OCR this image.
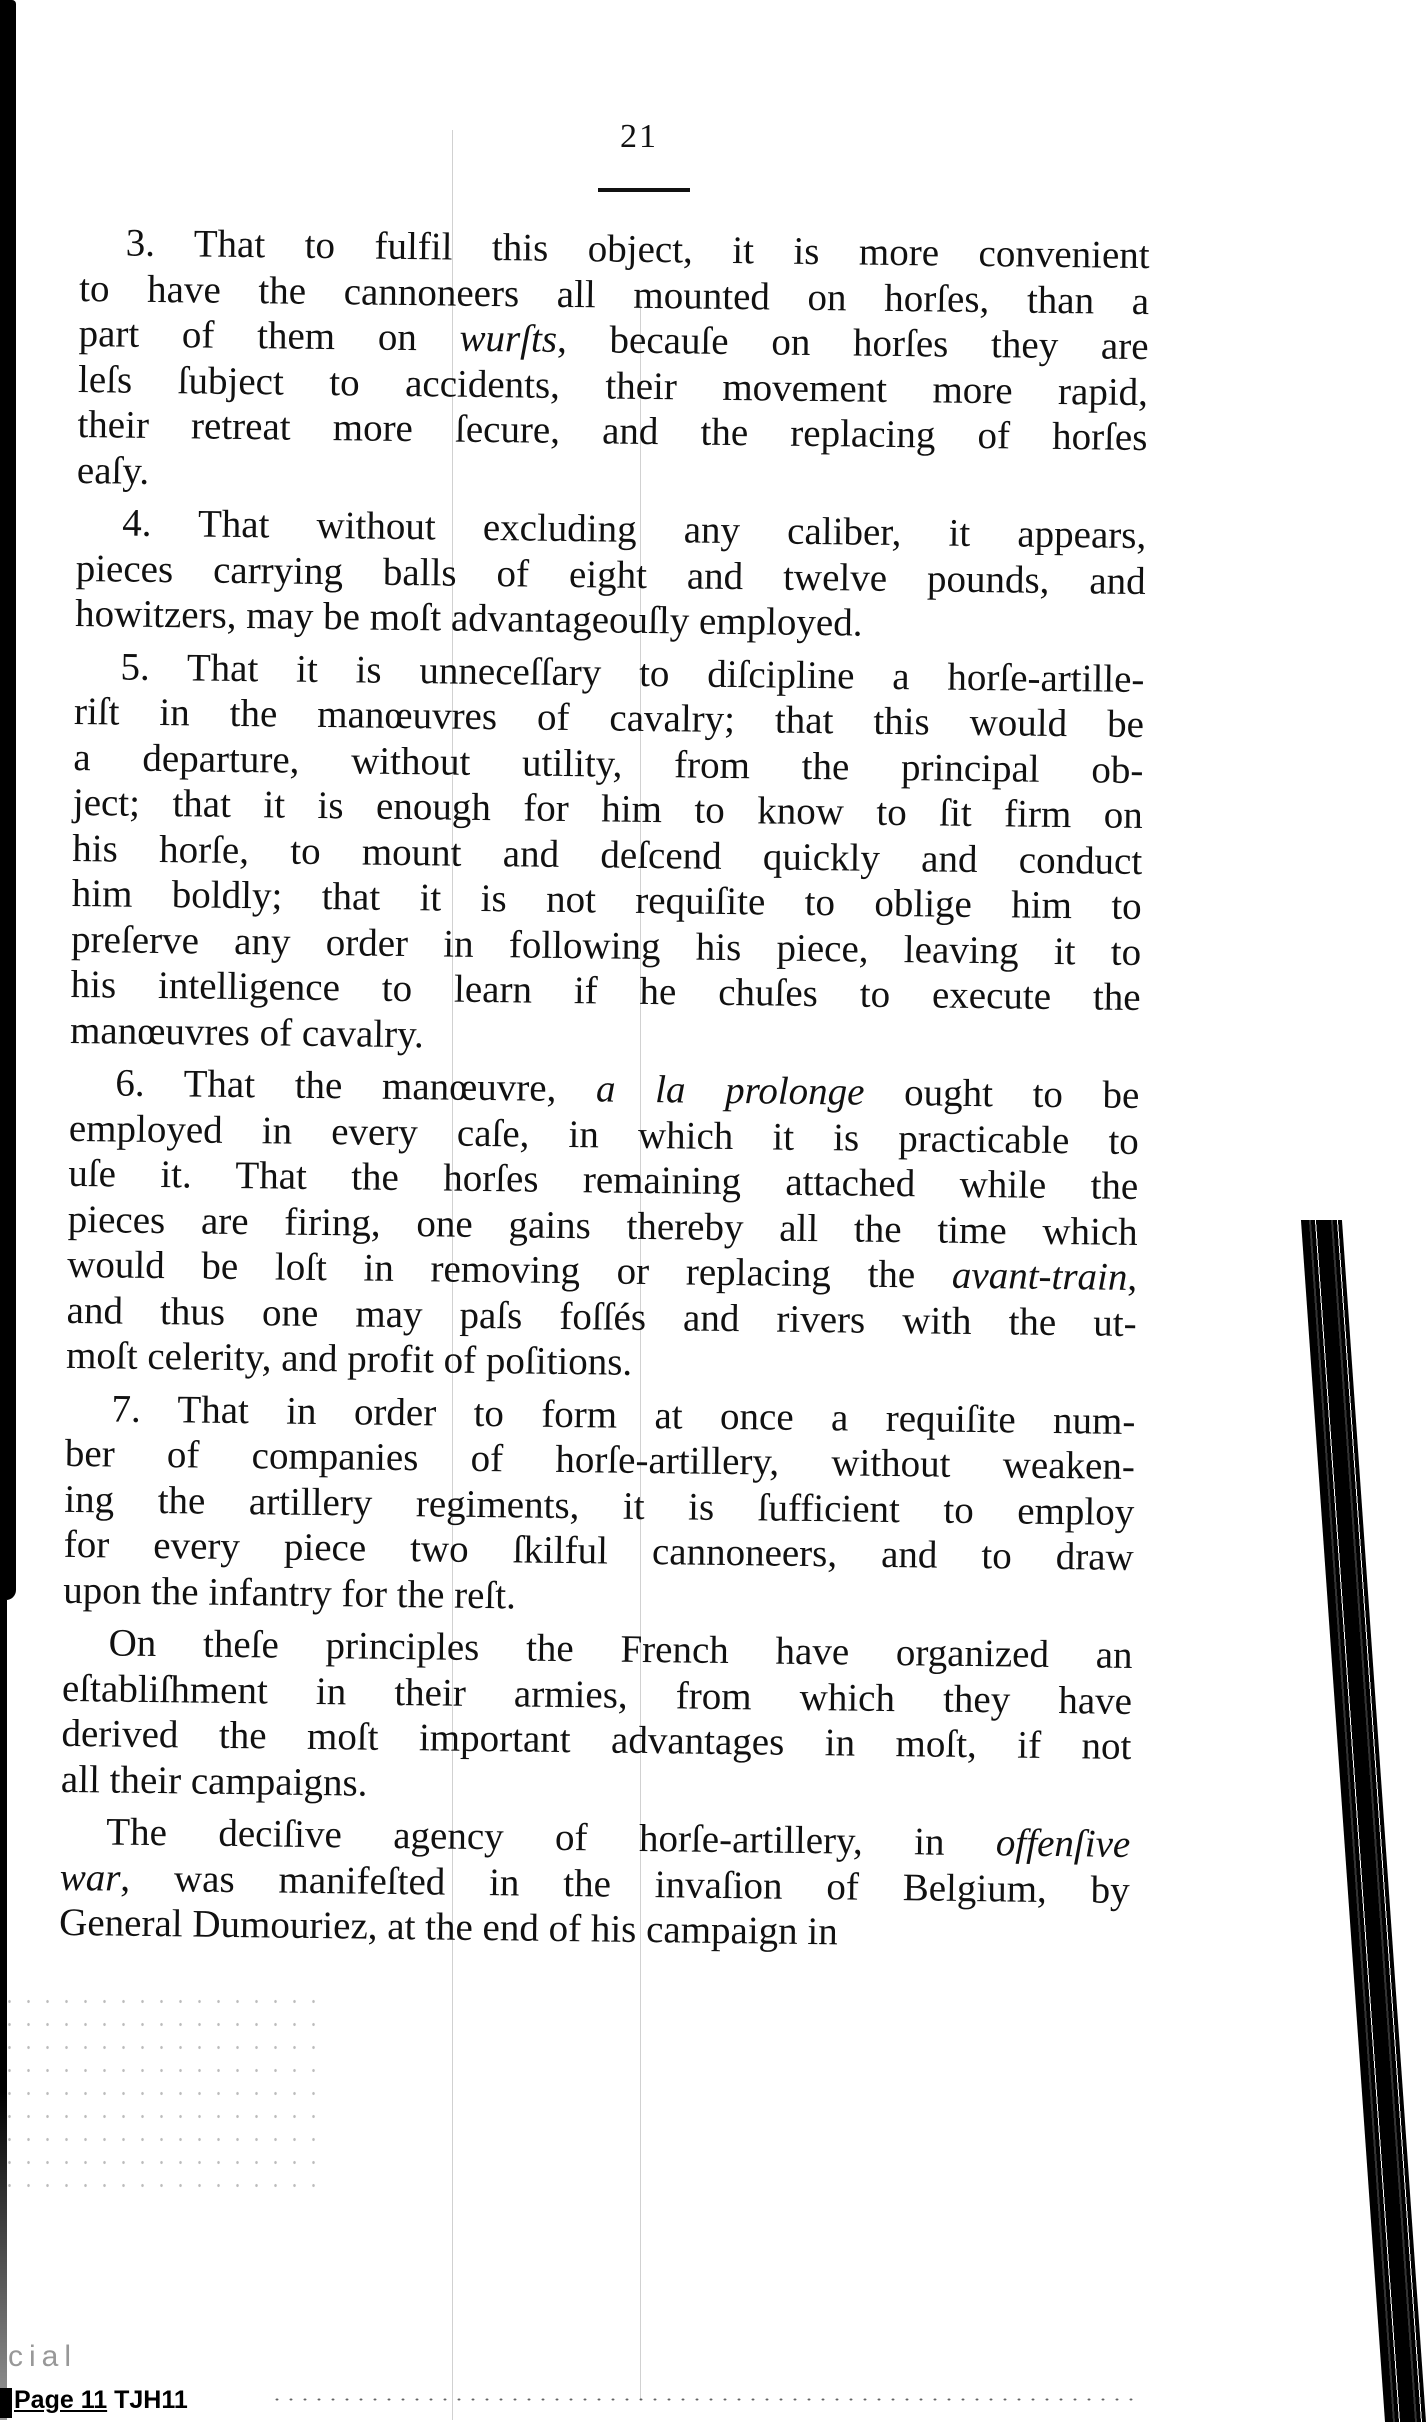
21
3. That to fulfil this object, it is more convenient
to have the cannoneers all mounted on horſes, than a
part of them on wurſts, becauſe on horſes they are
leſs ſubject to accidents, their movement more rapid,
their retreat more ſecure, and the replacing of horſes
eaſy.
4. That without excluding any caliber, it appears,
pieces carrying balls of eight and twelve pounds, and
howitzers, may be moſt advantageouſly employed.
5. That it is unneceſſary to diſcipline a horſe-artille-
riſt in the manœuvres of cavalry; that this would be
a departure, without utility, from the principal ob-
ject; that it is enough for him to know to ſit firm on
his horſe, to mount and deſcend quickly and conduct
him boldly; that it is not requiſite to oblige him to
preſerve any order in following his piece, leaving it to
his intelligence to learn if he chuſes to execute the
manœuvres of cavalry.
6. That the manœuvre, a la prolonge ought to be
employed in every caſe, in which it is practicable to
uſe it. That the horſes remaining attached while the
pieces are firing, one gains thereby all the time which
would be loſt in removing or replacing the avant-train,
and thus one may paſs foſſés and rivers with the ut-
moſt celerity, and profit of poſitions.
7. That in order to form at once a requiſite num-
ber of companies of horſe-artillery, without weaken-
ing the artillery regiments, it is ſufficient to employ
for every piece two ſkilful cannoneers, and to draw
upon the infantry for the reſt.
On theſe principles the French have organized an
eſtabliſhment in their armies, from which they have
derived the moſt important advantages in moſt, if not
all their campaigns.
The deciſive agency of horſe-artillery, in offenſive
war, was manifeſted in the invaſion of Belgium, by
General Dumouriez, at the end of his campaign in
cial
Page 11 TJH11
